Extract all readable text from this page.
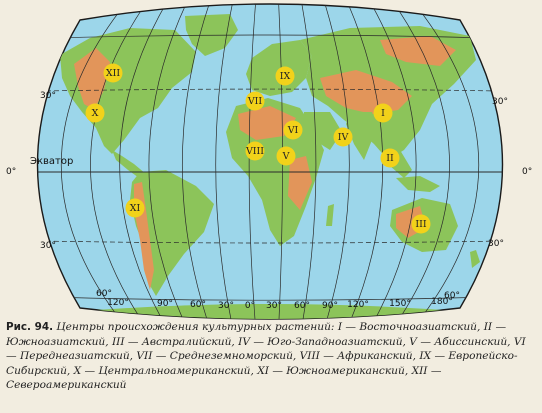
30°
30°
0°	0°
30°	30°
60°	60°
Экватор
120°	90° 60° 30° 0° 30° 60° 90° 120° 150° 180°
I
II
III
IV
V
VI
VII
VIII
IX
X
XI
XII
Рис. 94. Центры происхождения культурных растений: I — Восточноазиатский, II — Южноазиатский, III — Австралийский, IV — Юго-Западноазиатский, V — Абиссинский, VI — Переднеазиатский, VII — Среднеземноморский, VIII — Африканский, IX — Европейско-Сибирский, X — Центральноамериканский, XI — Южноамериканский, XII — Североамериканский
